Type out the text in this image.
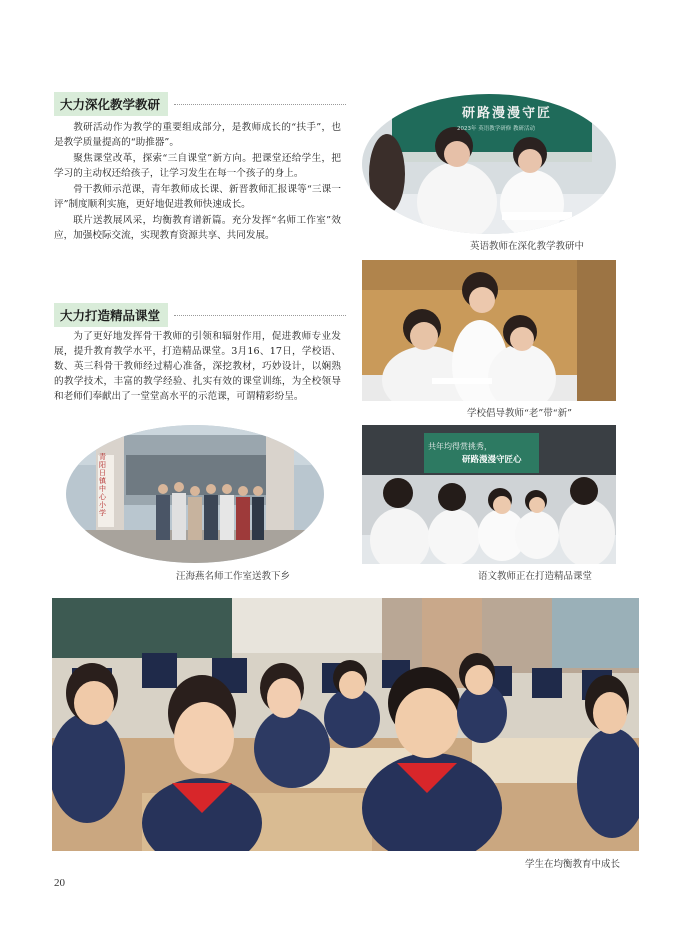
大力深化教学教研

教研活动作为教学的重要组成部分，是教师成长的“扶手”，也是教学质量提高的“助推器”。

聚焦课堂改革，探索“三自课堂”新方向。把课堂还给学生，把学习的主动权还给孩子，让学习发生在每一个孩子的身上。

骨干教师示范课，青年教师成长课、新晋教师汇报课等“三课一评”制度顺利实施，更好地促进教师快速成长。

联片送教展风采，均衡教育谱新篇。充分发挥“名师工作室”效应，加强校际交流，实现教育资源共享、共同发展。

大力打造精品课堂

为了更好地发挥骨干教师的引领和辐射作用，促进教师专业发展，提升教育教学水平，打造精品课堂。3月16、17日，学校语、数、英三科骨干教师经过精心准备，深挖教材，巧妙设计，以娴熟的教学技术，丰富的教学经验、扎实有效的课堂训练，为全校领导和老师们奉献出了一堂堂高水平的示范课，可谓精彩纷呈。

研路漫漫守匠
2023年 英语教学研修 教研活动
英语教师在深化教学教研中
学校倡导教师“老”带“新”
青阳日镇中心小学
汪海燕名师工作室送教下乡
共年均得赏挑秀，
研路漫漫守匠心
语文教师正在打造精品课堂
学生在均衡教育中成长
20
